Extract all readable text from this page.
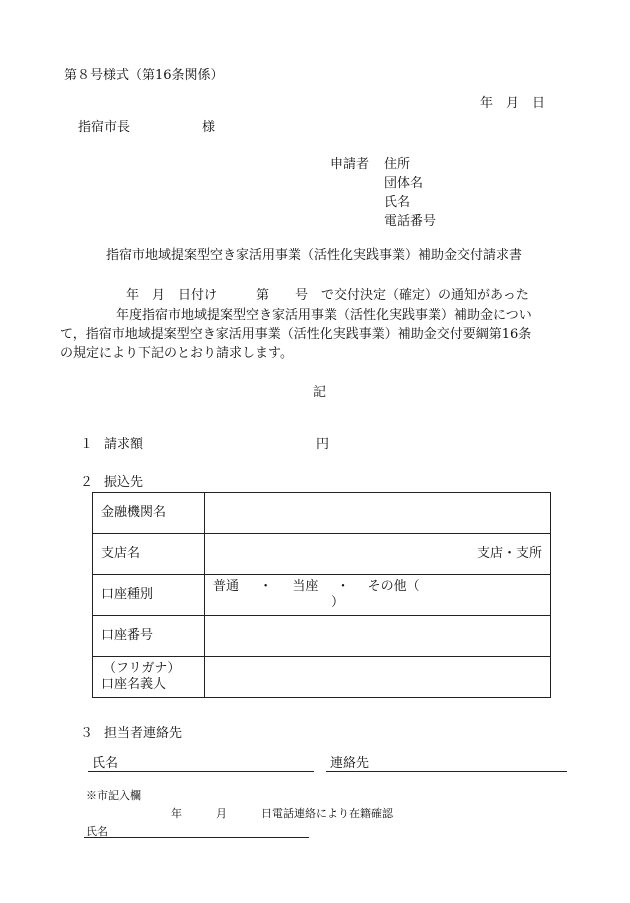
第８号様式（第16条関係）
年　月　日
指宿市長	様
申請者 住所
団体名
氏名
電話番号
指宿市地域提案型空き家活用事業（活性化実践事業）補助金交付請求書
年　月　日付け　　　第　　号　で交付決定（確定）の通知があった
年度指宿市地域提案型空き家活用事業（活性化実践事業）補助金につい
て，指宿市地域提案型空き家活用事業（活性化実践事業）補助金交付要綱第16条
の規定により下記のとおり請求します。
記
１ 請求額	円
２ 振込先
金融機関名	
支店名	支店・支所
口座種別	普通 ・ 当座 ・ その他（ ）
口座番号	

（フリガナ）
口座名義人	

３ 担当者連絡先
氏名	連絡先
※市記入欄
年	月	日電話連絡により在籍確認
氏名
